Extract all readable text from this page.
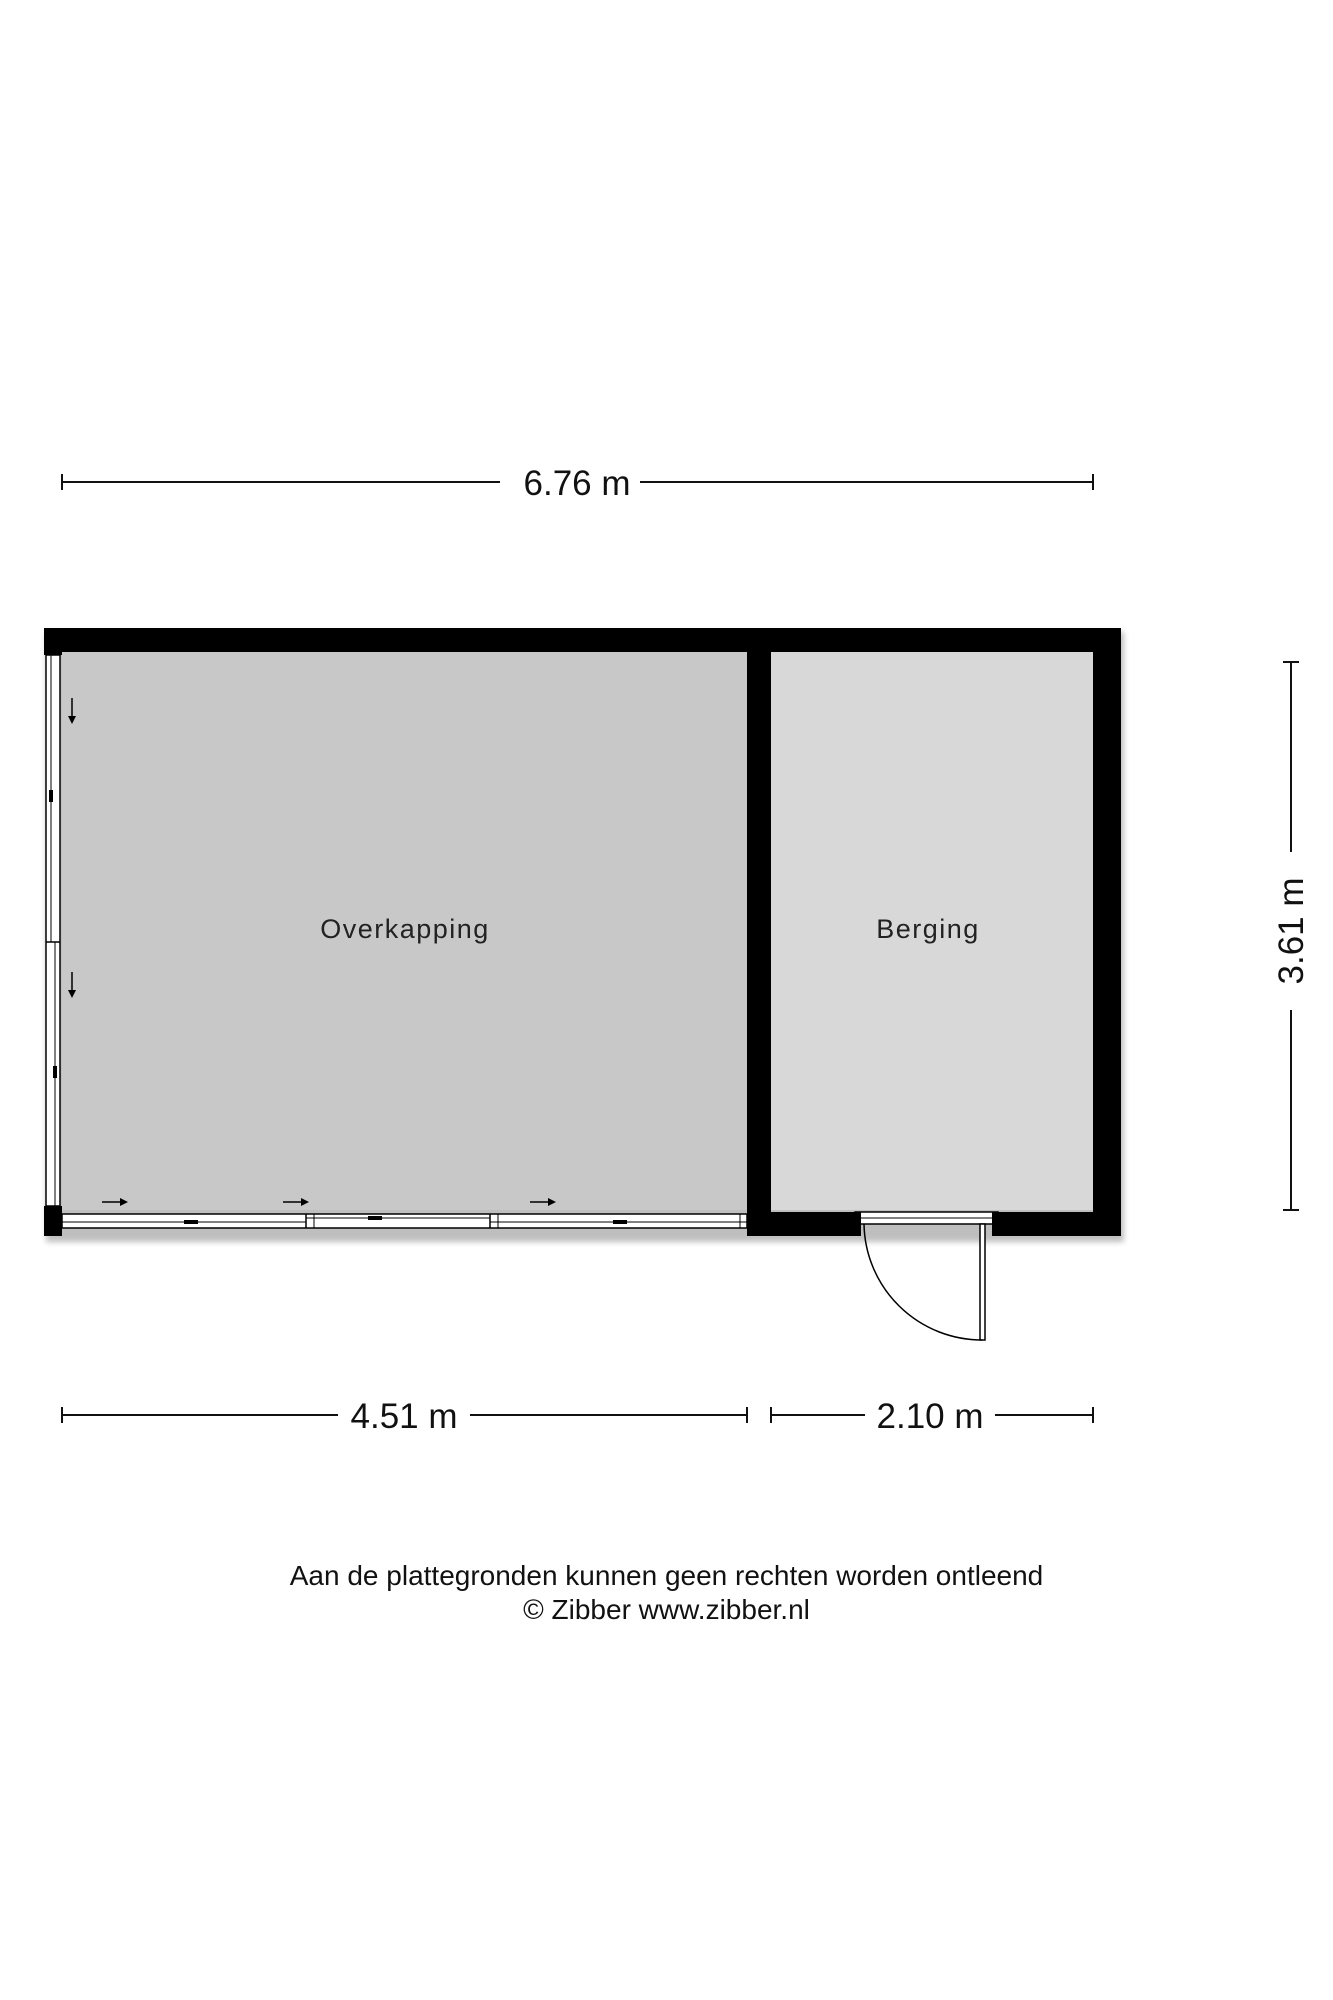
6.76 m
Overkapping	Berging	3.61 m
4.51 m	2.10 m
Aan de plattegronden kunnen geen rechten worden ontleend
© Zibber www.zibber.nl
